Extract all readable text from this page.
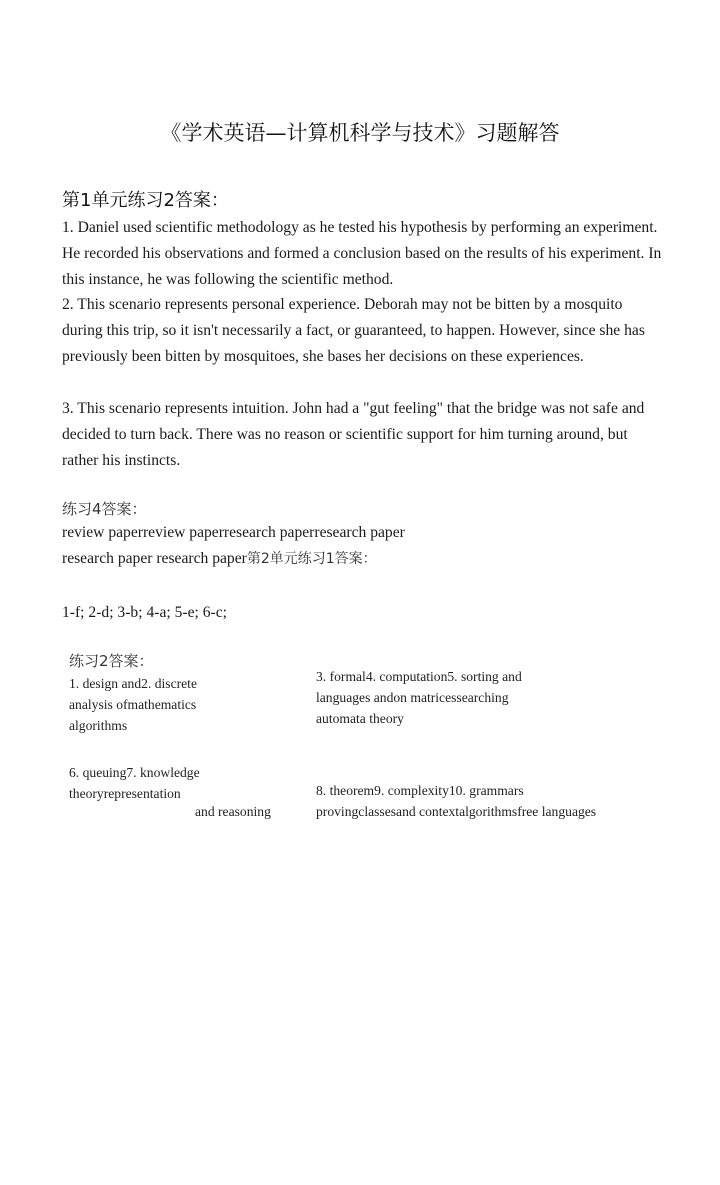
《学术英语—计算机科学与技术》习题解答
第1单元练习2答案：
1. Daniel used scientific methodology as he tested his hypothesis by performing an experiment. He recorded his observations and formed a conclusion based on the results of his experiment. In this instance, he was following the scientific method.
2. This scenario represents personal experience. Deborah may not be bitten by a mosquito during this trip, so it isn't necessarily a fact, or guaranteed, to happen. However, since she has previously been bitten by mosquitoes, she bases her decisions on these experiences.
3. This scenario represents intuition. John had a "gut feeling" that the bridge was not safe and decided to turn back. There was no reason or scientific support for him turning around, but rather his instincts.
练习4答案：
review paperreview paperresearch paperresearch paper
research paper research paper第2单元练习1答案：
1-f; 2-d; 3-b; 4-a; 5-e; 6-c;
练习2答案：
1. design and2. discrete
analysis ofmathematics
algorithms
3. formal4. computation5. sorting and
languages andon matricessearching
automata theory
6. queuing7. knowledge
theoryrepresentation
and reasoning
8. theorem9. complexity10. grammars
provingclassesand contextalgorithmsfree languages
